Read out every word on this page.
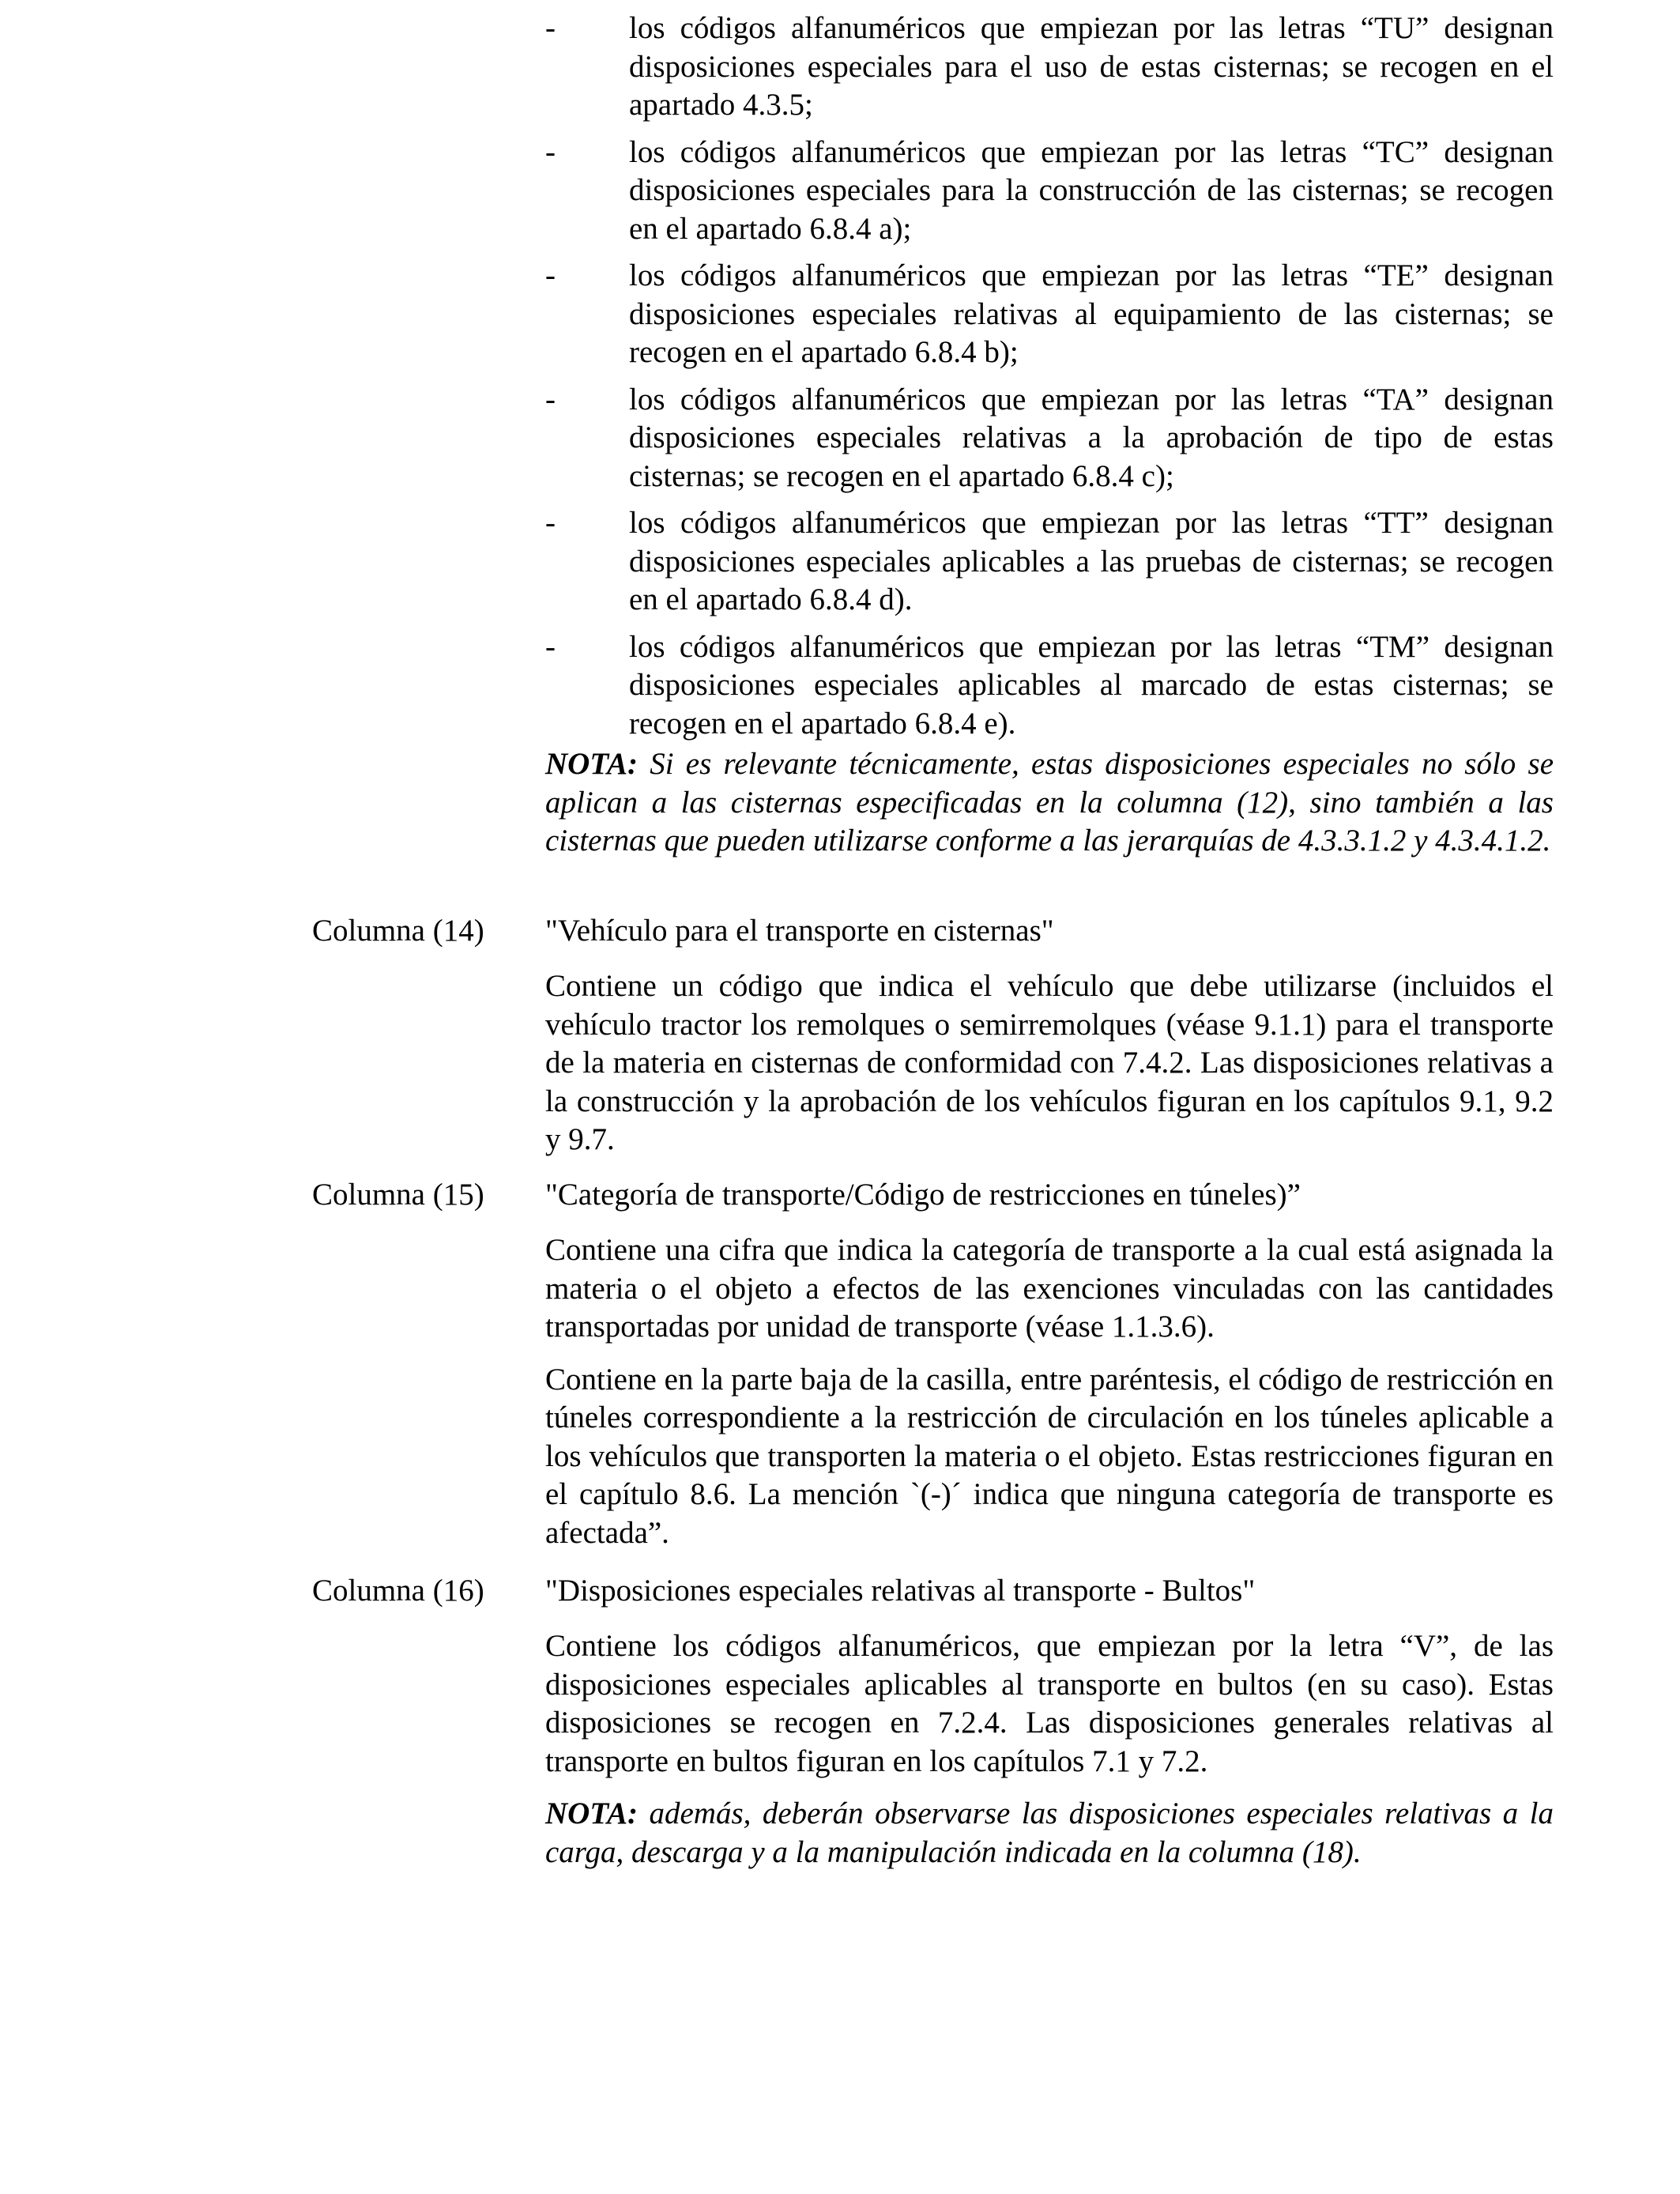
- los códigos alfanuméricos que empiezan por las letras “TU” designan disposiciones especiales para el uso de estas cisternas; se recogen en el apartado 4.3.5;
- los códigos alfanuméricos que empiezan por las letras “TC” designan disposiciones especiales para la construcción de las cisternas; se recogen en el apartado 6.8.4 a);
- los códigos alfanuméricos que empiezan por las letras “TE” designan disposiciones especiales relativas al equipamiento de las cisternas; se recogen en el apartado 6.8.4 b);
- los códigos alfanuméricos que empiezan por las letras “TA” designan disposiciones especiales relativas a la aprobación de tipo de estas cisternas; se recogen en el apartado 6.8.4 c);
- los códigos alfanuméricos que empiezan por las letras “TT” designan disposiciones especiales aplicables a las pruebas de cisternas; se recogen en el apartado 6.8.4 d).
- los códigos alfanuméricos que empiezan por las letras “TM” designan disposiciones especiales aplicables al marcado de estas cisternas; se recogen en el apartado 6.8.4 e).
NOTA: Si es relevante técnicamente, estas disposiciones especiales no sólo se aplican a las cisternas especificadas en la columna (12), sino también a las cisternas que pueden utilizarse conforme a las jerarquías de 4.3.3.1.2 y 4.3.4.1.2.
Columna (14) "Vehículo para el transporte en cisternas"

Contiene un código que indica el vehículo que debe utilizarse (incluidos el vehículo tractor los remolques o semirremolques (véase 9.1.1) para el transporte de la materia en cisternas de conformidad con 7.4.2. Las disposiciones relativas a la construcción y la aprobación de los vehículos figuran en los capítulos 9.1, 9.2 y 9.7.

Columna (15) "Categoría de transporte/Código de restricciones en túneles)”

Contiene una cifra que indica la categoría de transporte a la cual está asignada la materia o el objeto a efectos de las exenciones vinculadas con las cantidades transportadas por unidad de transporte (véase 1.1.3.6).

Contiene en la parte baja de la casilla, entre paréntesis, el código de restricción en túneles correspondiente a la restricción de circulación en los túneles aplicable a los vehículos que transporten la materia o el objeto. Estas restricciones figuran en el capítulo 8.6. La mención `(-)´ indica que ninguna categoría de transporte es afectada”.

Columna (16) "Disposiciones especiales relativas al transporte - Bultos"

Contiene los códigos alfanuméricos, que empiezan por la letra “V”, de las disposiciones especiales aplicables al transporte en bultos (en su caso). Estas disposiciones se recogen en 7.2.4. Las disposiciones generales relativas al transporte en bultos figuran en los capítulos 7.1 y 7.2.

NOTA: además, deberán observarse las disposiciones especiales relativas a la carga, descarga y a la manipulación indicada en la columna (18).
